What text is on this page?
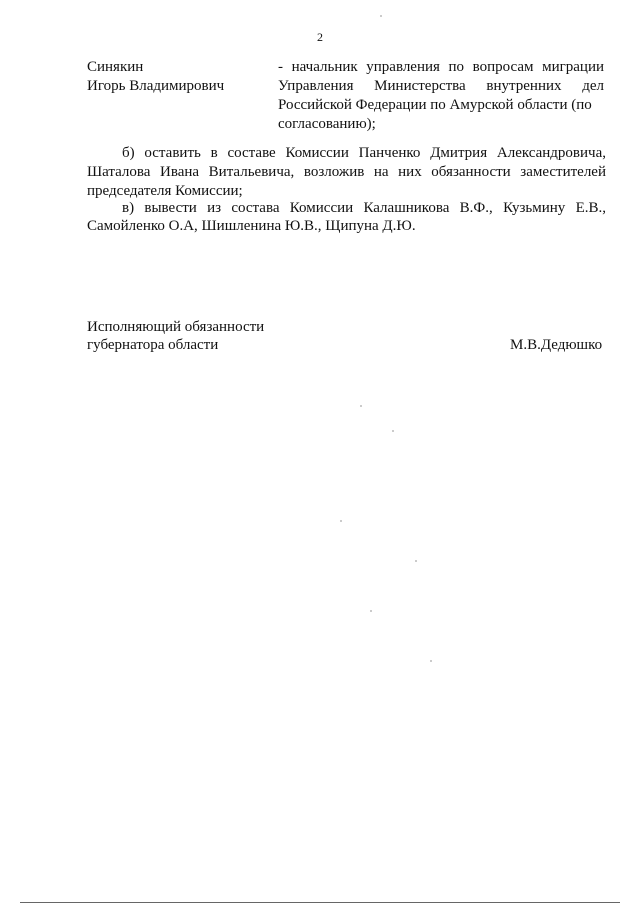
2
Синякин
Игорь Владимирович
- начальник управления по вопросам миграции
Управления Министерства внутренних дел
Российской Федерации по Амурской области (по
согласованию);
б) оставить в составе Комиссии Панченко Дмитрия Александровича,
Шаталова Ивана Витальевича, возложив на них обязанности заместителей
председателя Комиссии;
в) вывести из состава Комиссии Калашникова В.Ф., Кузьмину Е.В.,
Самойленко О.А, Шишленина Ю.В., Щипуна Д.Ю.
Исполняющий обязанности
губернатора области	М.В.Дедюшко
